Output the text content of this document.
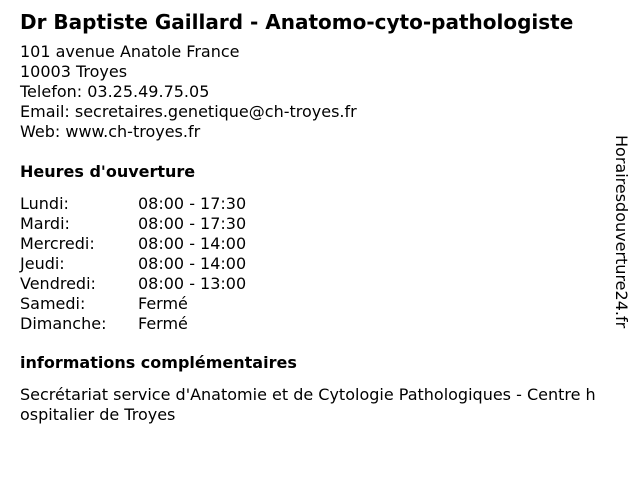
Dr Baptiste Gaillard - Anatomo-cyto-pathologiste
101 avenue Anatole France
10003 Troyes
Telefon: 03.25.49.75.05
Email: secretaires.genetique@ch-troyes.fr
Web: www.ch-troyes.fr
Heures d'ouverture
Lundi:	08:00 - 17:30
Mardi:	08:00 - 17:30
Mercredi:	08:00 - 14:00
Jeudi:	08:00 - 14:00
Vendredi:	08:00 - 13:00
Samedi:	Fermé
Dimanche:	Fermé
informations complémentaires
Secrétariat service d'Anatomie et de Cytologie Pathologiques - Centre hospitalier de Troyes
Horairesdouverture24.fr
